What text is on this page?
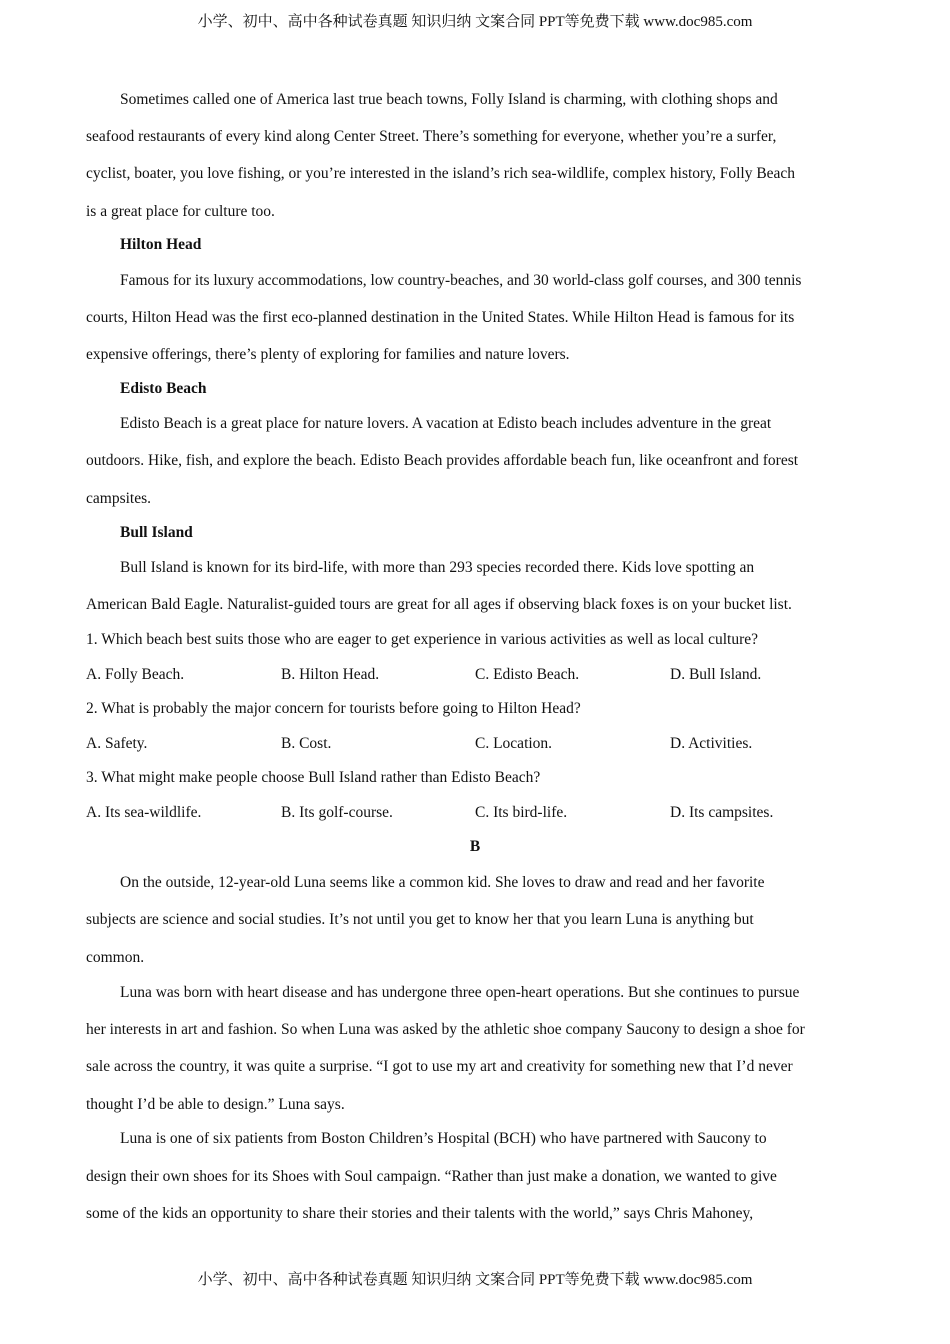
小学、初中、高中各种试卷真题 知识归纳 文案合同 PPT等免费下载 www.doc985.com
Sometimes called one of America last true beach towns, Folly Island is charming, with clothing shops and
seafood restaurants of every kind along Center Street. There’s something for everyone, whether you’re a surfer,
cyclist, boater, you love fishing, or you’re interested in the island’s rich sea-wildlife, complex history, Folly Beach
is a great place for culture too.
Hilton Head
Famous for its luxury accommodations, low country-beaches, and 30 world-class golf courses, and 300 tennis
courts, Hilton Head was the first eco-planned destination in the United States. While Hilton Head is famous for its
expensive offerings, there’s plenty of exploring for families and nature lovers.
Edisto Beach
Edisto Beach is a great place for nature lovers. A vacation at Edisto beach includes adventure in the great
outdoors. Hike, fish, and explore the beach. Edisto Beach provides affordable beach fun, like oceanfront and forest
campsites.
Bull Island
Bull Island is known for its bird-life, with more than 293 species recorded there. Kids love spotting an
American Bald Eagle. Naturalist-guided tours are great for all ages if observing black foxes is on your bucket list.
1. Which beach best suits those who are eager to get experience in various activities as well as local culture?
A. Folly Beach.	B. Hilton Head.	C. Edisto Beach.	D. Bull Island.
2. What is probably the major concern for tourists before going to Hilton Head?
A. Safety.	B. Cost.	C. Location.	D. Activities.
3. What might make people choose Bull Island rather than Edisto Beach?
A. Its sea-wildlife.	B. Its golf-course.	C. Its bird-life.	D. Its campsites.
B
On the outside, 12-year-old Luna seems like a common kid. She loves to draw and read and her favorite
subjects are science and social studies. It’s not until you get to know her that you learn Luna is anything but
common.
Luna was born with heart disease and has undergone three open-heart operations. But she continues to pursue
her interests in art and fashion. So when Luna was asked by the athletic shoe company Saucony to design a shoe for
sale across the country, it was quite a surprise. “I got to use my art and creativity for something new that I’d never
thought I’d be able to design.” Luna says.
Luna is one of six patients from Boston Children’s Hospital (BCH) who have partnered with Saucony to
design their own shoes for its Shoes with Soul campaign. “Rather than just make a donation, we wanted to give
some of the kids an opportunity to share their stories and their talents with the world,” says Chris Mahoney,
小学、初中、高中各种试卷真题 知识归纳 文案合同 PPT等免费下载 www.doc985.com
